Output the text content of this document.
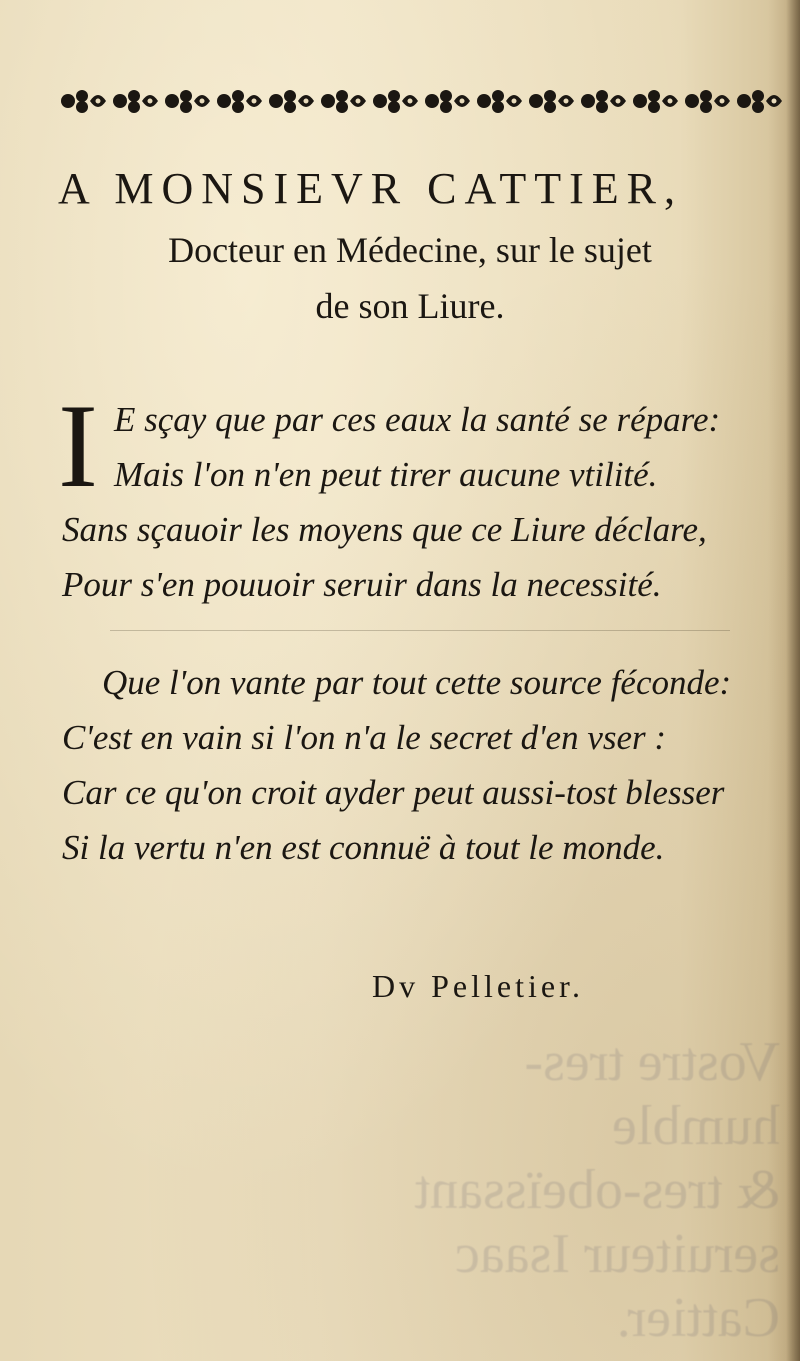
Vostre tres-humble
& tres-obeïssant
seruiteur Isaac
Cattier.
A MONSIEVR CATTIER,
Docteur en Médecine, sur le sujet
de son Liure.
I E sçay que par ces eaux la santé se répare:
Mais l'on n'en peut tirer aucune vtilité.
Sans sçauoir les moyens que ce Liure déclare,
Pour s'en pouuoir seruir dans la necessité.
Que l'on vante par tout cette source féconde:
C'est en vain si l'on n'a le secret d'en vser :
Car ce qu'on croit ayder peut aussi-tost blesser
Si la vertu n'en est connuë à tout le monde.
Dv Pelletier.
